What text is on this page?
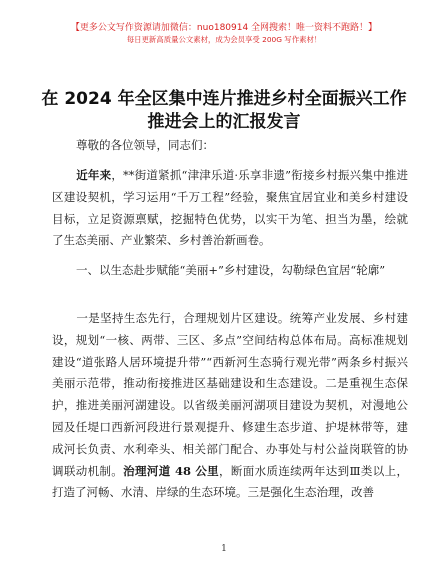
【更多公文写作资源请加微信：nuo180914 全网搜索！唯一资料不跑路！】
每日更新高质量公文素材，成为会员享受 200G 写作素材！
在 2024 年全区集中连片推进乡村全面振兴工作
推进会上的汇报发言

尊敬的各位领导，同志们：

近年来，**街道紧抓“津津乐道·乐享非遗”衔接乡村振兴集中推进区建设契机，学习运用“千万工程”经验，聚焦宜居宜业和美乡村建设目标，立足资源禀赋，挖掘特色优势，以实干为笔、担当为墨，绘就了生态美丽、产业繁荣、乡村善治新画卷。

一、以生态赴步赋能“美丽+”乡村建设，勾勒绿色宜居“轮廓”

一是坚持生态先行，合理规划片区建设。统筹产业发展、乡村建设，规划“一核、两带、三区、多点”空间结构总体布局。高标准规划建设“道张路人居环境提升带”“西新河生态骑行观光带”两条乡村振兴美丽示范带，推动衔接推进区基础建设和生态建设。二是重视生态保护，推进美丽河湖建设。以省级美丽河湖项目建设为契机，对漫地公园及任堤口西新河段进行景观提升、修建生态步道、护堤林带等，建成河长负责、水利牵头、相关部门配合、办事处与村公益岗联管的协调联动机制。治理河道 48 公里，断面水质连续两年达到Ⅲ类以上，打造了河畅、水清、岸绿的生态环境。三是强化生态治理，改善

1
